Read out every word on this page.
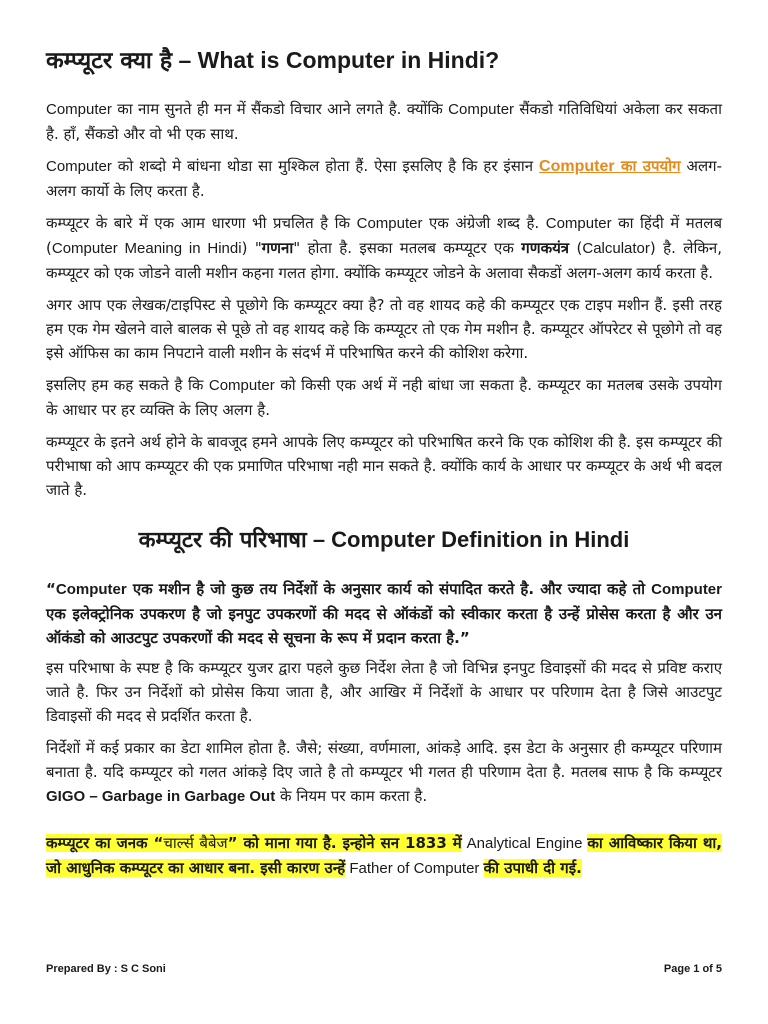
कम्प्यूटर क्या है – What is Computer in Hindi?

Computer का नाम सुनते ही मन में सैंकडो विचार आने लगते है. क्योंकि Computer सैंकडो गतिविधियां अकेला कर सकता है. हाँ, सैंकडो और वो भी एक साथ.

Computer को शब्दो मे बांधना थोडा सा मुश्किल होता हैं. ऐसा इसलिए है कि हर इंसान Computer का उपयोग अलग-अलग कार्यो के लिए करता है.

कम्प्यूटर के बारे में एक आम धारणा भी प्रचलित है कि Computer एक अंग्रेजी शब्द है. Computer का हिंदी में मतलब (Computer Meaning in Hindi) "गणना" होता है. इसका मतलब कम्प्यूटर एक गणकयंत्र (Calculator) है. लेकिन, कम्प्यूटर को एक जोडने वाली मशीन कहना गलत होगा. क्योंकि कम्प्यूटर जोडने के अलावा सैकडों अलग-अलग कार्य करता है.

अगर आप एक लेखक/टाइपिस्ट से पूछोगे कि कम्प्यूटर क्या है? तो वह शायद कहे की कम्प्यूटर एक टाइप मशीन हैं. इसी तरह हम एक गेम खेलने वाले बालक से पूछे तो वह शायद कहे कि कम्प्यूटर तो एक गेम मशीन है. कम्प्यूटर ऑपरेटर से पूछोगे तो वह इसे ऑफिस का काम निपटाने वाली मशीन के संदर्भ में परिभाषित करने की कोशिश करेगा.

इसलिए हम कह सकते है कि Computer को किसी एक अर्थ में नही बांधा जा सकता है. कम्प्यूटर का मतलब उसके उपयोग के आधार पर हर व्यक्ति के लिए अलग है.

कम्प्यूटर के इतने अर्थ होने के बावजूद हमने आपके लिए कम्प्यूटर को परिभाषित करने कि एक कोशिश की है. इस कम्प्यूटर की परीभाषा को आप कम्प्यूटर की एक प्रमाणित परिभाषा नही मान सकते है. क्योंकि कार्य के आधार पर कम्प्यूटर के अर्थ भी बदल जाते है.

कम्प्यूटर की परिभाषा – Computer Definition in Hindi

“Computer एक मशीन है जो कुछ तय निर्देशों के अनुसार कार्य को संपादित करते है. और ज्यादा कहे तो Computer एक इलेक्ट्रोनिक उपकरण है जो इनपुट उपकरणों की मदद से ऑकंडों को स्वीकार करता है उन्हें प्रोसेस करता है और उन ऑकंडो को आउटपुट उपकरणों की मदद से सूचना के रूप में प्रदान करता है.”

इस परिभाषा के स्पष्ट है कि कम्प्यूटर युजर द्वारा पहले कुछ निर्देश लेता है जो विभिन्न इनपुट डिवाइसों की मदद से प्रविष्ट कराए जाते है. फिर उन निर्देशों को प्रोसेस किया जाता है, और आखिर में निर्देशों के आधार पर परिणाम देता है जिसे आउटपुट डिवाइसों की मदद से प्रदर्शित करता है.

निर्देशों में कई प्रकार का डेटा शामिल होता है. जैसे; संख्या, वर्णमाला, आंकड़े आदि. इस डेटा के अनुसार ही कम्प्यूटर परिणाम बनाता है. यदि कम्प्यूटर को गलत आंकड़े दिए जाते है तो कम्प्यूटर भी गलत ही परिणाम देता है. मतलब साफ है कि कम्प्यूटर GIGO – Garbage in Garbage Out के नियम पर काम करता है.

कम्प्यूटर का जनक “चार्ल्स बैबेज” को माना गया है. इन्होने सन 1833 में Analytical Engine का आविष्कार किया था, जो आधुनिक कम्प्यूटर का आधार बना. इसी कारण उन्हें Father of Computer की उपाधी दी गई.

Prepared By : S C Soni	Page 1 of 5
